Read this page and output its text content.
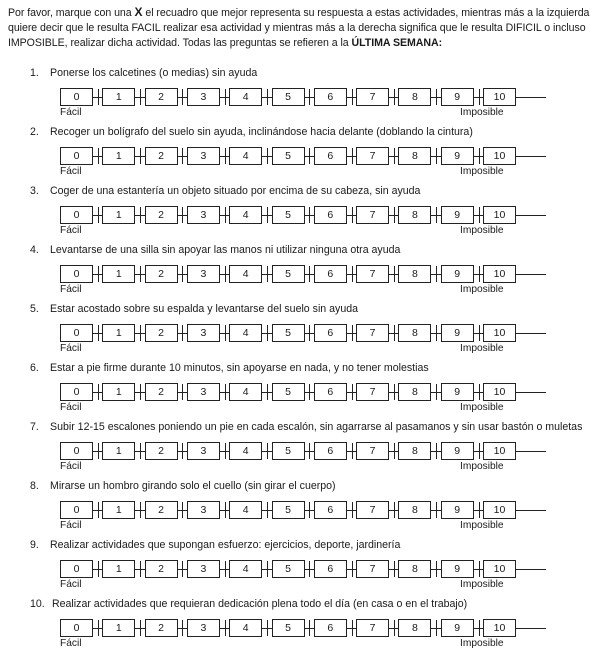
Por favor, marque con una X el recuadro que mejor representa su respuesta a estas actividades, mientras más a la izquierda quiere decir que le resulta FACIL realizar esa actividad y mientras más a la derecha significa que le resulta DIFICIL o incluso IMPOSIBLE, realizar dicha actividad. Todas las preguntas se refieren a la ÚLTIMA SEMANA:
1. Ponerse los calcetines (o medias) sin ayuda
0	1	2	3	4	5	6	7	8	9	10
Fácil	Imposible
2. Recoger un bolígrafo del suelo sin ayuda, inclinándose hacia delante (doblando la cintura)
0	1	2	3	4	5	6	7	8	9	10
Fácil	Imposible
3. Coger de una estantería un objeto situado por encima de su cabeza, sin ayuda
0	1	2	3	4	5	6	7	8	9	10
Fácil	Imposible
4. Levantarse de una silla sin apoyar las manos ni utilizar ninguna otra ayuda
0	1	2	3	4	5	6	7	8	9	10
Fácil	Imposible
5. Estar acostado sobre su espalda y levantarse del suelo sin ayuda
0	1	2	3	4	5	6	7	8	9	10
Fácil	Imposible
6. Estar a pie firme durante 10 minutos, sin apoyarse en nada, y no tener molestias
0	1	2	3	4	5	6	7	8	9	10
Fácil	Imposible
7. Subir 12-15 escalones poniendo un pie en cada escalón, sin agarrarse al pasamanos y sin usar bastón o muletas
0	1	2	3	4	5	6	7	8	9	10
Fácil	Imposible
8. Mirarse un hombro girando solo el cuello (sin girar el cuerpo)
0	1	2	3	4	5	6	7	8	9	10
Fácil	Imposible
9. Realizar actividades que supongan esfuerzo: ejercicios, deporte, jardinería
0	1	2	3	4	5	6	7	8	9	10
Fácil	Imposible
10. Realizar actividades que requieran dedicación plena todo el día (en casa o en el trabajo)
0	1	2	3	4	5	6	7	8	9	10
Fácil	Imposible
